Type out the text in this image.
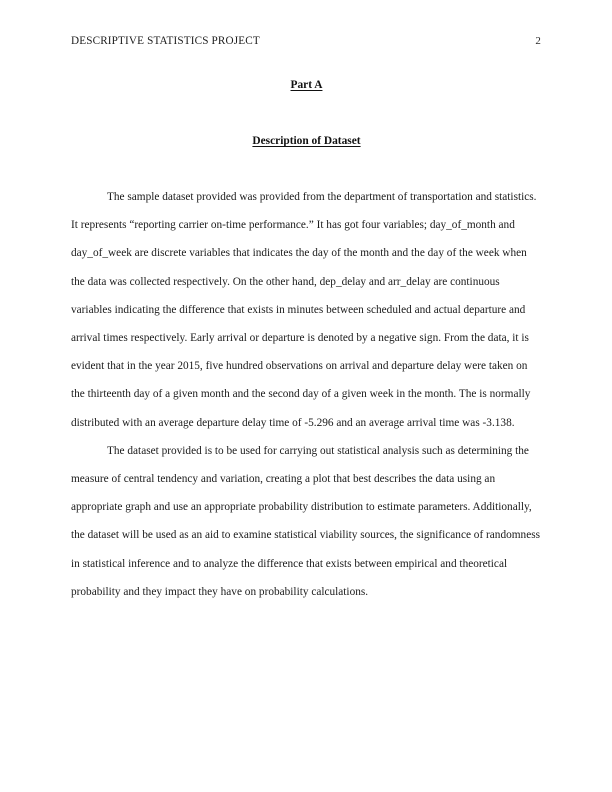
DESCRIPTIVE STATISTICS PROJECT	2

Part A

Description of Dataset

The sample dataset provided was provided from the department of transportation and statistics. It represents “reporting carrier on-time performance.” It has got four variables; day_of_month and day_of_week are discrete variables that indicates the day of the month and the day of the week when the data was collected respectively. On the other hand, dep_delay and arr_delay are continuous variables indicating the difference that exists in minutes between scheduled and actual departure and arrival times respectively. Early arrival or departure is denoted by a negative sign. From the data, it is evident that in the year 2015, five hundred observations on arrival and departure delay were taken on the thirteenth day of a given month and the second day of a given week in the month. The is normally distributed with an average departure delay time of -5.296 and an average arrival time was -3.138.

The dataset provided is to be used for carrying out statistical analysis such as determining the measure of central tendency and variation, creating a plot that best describes the data using an appropriate graph and use an appropriate probability distribution to estimate parameters. Additionally, the dataset will be used as an aid to examine statistical viability sources, the significance of randomness in statistical inference and to analyze the difference that exists between empirical and theoretical probability and they impact they have on probability calculations.
